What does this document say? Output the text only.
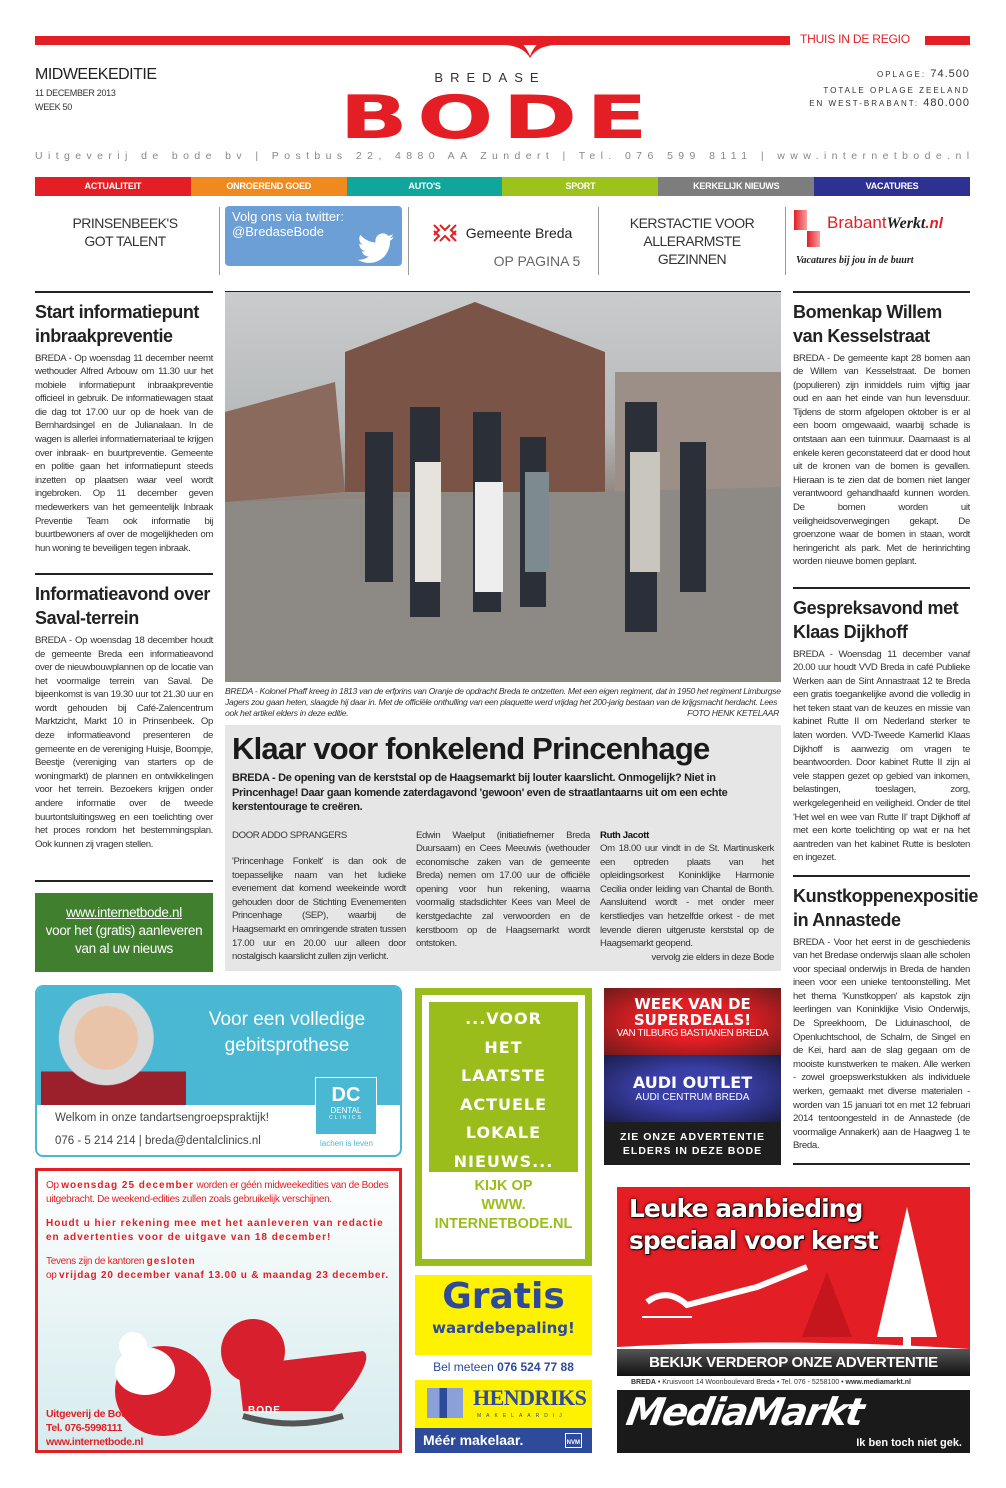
THUIS IN DE REGIO
MIDWEEKEDITIE
11 DECEMBER 2013
WEEK 50
BREDASE
BODE
OPLAGE: 74.500
TOTALE OPLAGE ZEELAND
EN WEST-BRABANT: 480.000
Uitgeverij de bode bv | Postbus 22, 4880 AA Zundert | Tel. 076 599 8111 | www.internetbode.nl
ACTUALITEIT	ONROEREND GOED	AUTO'S	SPORT	KERKELIJK NIEUWS	VACATURES
PRINSENBEEK'S GOT TALENT
Volg ons via twitter:
@BredaseBode	Gemeente Breda
OP PAGINA 5
KERSTACTIE VOOR ALLERARMSTE GEZINNEN
BrabantWerkt.nl
Vacatures bij jou in de buurt
Start informatiepunt inbraakpreventie
BREDA - Op woensdag 11 december neemt wethouder Alfred Arbouw om 11.30 uur het mobiele informatiepunt inbraakpreventie officieel in gebruik. De informatiewagen staat die dag tot 17.00 uur op de hoek van de Bernhardsingel en de Julianalaan. In de wagen is allerlei informatiemateriaal te krijgen over inbraak- en buurtpreventie. Gemeente en politie gaan het informatiepunt steeds inzetten op plaatsen waar veel wordt ingebroken. Op 11 december geven medewerkers van het gemeentelijk Inbraak Preventie Team ook informatie bij buurtbewoners af over de mogelijkheden om hun woning te beveiligen tegen inbraak.
Informatieavond over Saval-terrein
BREDA - Op woensdag 18 december houdt de gemeente Breda een informatieavond over de nieuwbouwplannen op de locatie van het voormalige terrein van Saval. De bijeenkomst is van 19.30 uur tot 21.30 uur en wordt gehouden bij Café-Zalencentrum Marktzicht, Markt 10 in Prinsenbeek. Op deze informatieavond presenteren de gemeente en de vereniging Huisje, Boompje, Beestje (vereniging van starters op de woningmarkt) de plannen en ontwikkelingen voor het terrein. Bezoekers krijgen onder andere informatie over de tweede buurtontsluitingsweg en een toelichting over het proces rondom het bestemmingsplan. Ook kunnen zij vragen stellen.
www.internetbode.nl
voor het (gratis) aanleveren
van al uw nieuws
BREDA - Kolonel Phaff kreeg in 1813 van de erfprins van Oranje de opdracht Breda te ontzetten. Met een eigen regiment, dat in 1950 het regiment Limburgse Jagers zou gaan heten, slaagde hij daar in. Met de officiële onthulling van een plaquette werd vrijdag het 200-jarig bestaan van de krijgsmacht herdacht. Lees ook het artikel elders in deze editie.	FOTO HENK KETELAAR
Klaar voor fonkelend Princenhage
BREDA - De opening van de kerststal op de Haagsemarkt bij louter kaarslicht. Onmogelijk? Niet in Princenhage! Daar gaan komende zaterdagavond 'gewoon' even de straatlantaarns uit om een echte kerstentourage te creëren.
DOOR ADDO SPRANGERS
'Princenhage Fonkelt' is dan ook de toepasselijke naam van het ludieke evenement dat komend weekeinde wordt gehouden door de Stichting Evenementen Princenhage (SEP), waarbij de Haagsemarkt en omringende straten tussen 17.00 uur en 20.00 uur alleen door nostalgisch kaarslicht zullen zijn verlicht.
Edwin Waelput (initiatiefnemer Breda Duursaam) en Cees Meeuwis (wethouder economische zaken van de gemeente Breda) nemen om 17.00 uur de officiële opening voor hun rekening, waarna voormalig stadsdichter Kees van Meel de kerstgedachte zal verwoorden en de kerstboom op de Haagsemarkt wordt ontstoken.
Ruth Jacott
Om 18.00 uur vindt in de St. Martinuskerk een optreden plaats van het opleidingsorkest Koninklijke Harmonie Cecilia onder leiding van Chantal de Bonth. Aansluitend wordt - met onder meer kerstliedjes van hetzelfde orkest - de met levende dieren uitgeruste kerststal op de Haagsemarkt geopend.
vervolg zie elders in deze Bode
Bomenkap Willem van Kesselstraat
BREDA - De gemeente kapt 28 bomen aan de Willem van Kesselstraat. De bomen (populieren) zijn inmiddels ruim vijftig jaar oud en aan het einde van hun levensduur. Tijdens de storm afgelopen oktober is er al een boom omgewaaid, waarbij schade is ontstaan aan een tuinmuur. Daarnaast is al enkele keren geconstateerd dat er dood hout uit de kronen van de bomen is gevallen. Hieraan is te zien dat de bomen niet langer verantwoord gehandhaafd kunnen worden. De bomen worden uit veiligheidsoverwegingen gekapt. De groenzone waar de bomen in staan, wordt heringericht als park. Met de herinrichting worden nieuwe bomen geplant.
Gespreksavond met Klaas Dijkhoff
BREDA - Woensdag 11 december vanaf 20.00 uur houdt VVD Breda in café Publieke Werken aan de Sint Annastraat 12 te Breda een gratis toegankelijke avond die volledig in het teken staat van de keuzes en missie van kabinet Rutte II om Nederland sterker te laten worden. VVD-Tweede Kamerlid Klaas Dijkhoff is aanwezig om vragen te beantwoorden. Door kabinet Rutte II zijn al vele stappen gezet op gebied van inkomen, belastingen, toeslagen, zorg, werkgelegenheid en veiligheid. Onder de titel 'Het wel en wee van Rutte II' trapt Dijkhoff af met een korte toelichting op wat er na het aantreden van het kabinet Rutte is besloten en ingezet.
Kunstkoppenexpositie in Annastede
BREDA - Voor het eerst in de geschiedenis van het Bredase onderwijs slaan alle scholen voor speciaal onderwijs in Breda de handen ineen voor een unieke tentoonstelling. Met het thema 'Kunstkoppen' als kapstok zijn leerlingen van Koninklijke Visio Onderwijs, De Spreekhoorn, De Liduinaschool, de Openluchtschool, de Schalm, de Singel en de Kei, hard aan de slag gegaan om de mooiste kunstwerken te maken. Alle werken - zowel groepswerkstukken als individuele werken, gemaakt met diverse materialen - worden van 15 januari tot en met 12 februari 2014 tentoongesteld in de Annastede (de voormalige Annakerk) aan de Haagweg 1 te Breda.
Voor een volledige
gebitsprothese
DC
DENTAL
CLINICS
lachen is leven
Welkom in onze tandartsengroepspraktijk!
076 - 5 214 214 | breda@dentalclinics.nl
Op woensdag 25 december worden er géén midweekedities van de Bodes uitgebracht. De weekend-edities zullen zoals gebruikelijk verschijnen.
Houdt u hier rekening mee met het aanleveren van redactie en advertenties voor de uitgave van 18 december!
Tevens zijn de kantoren gesloten
op vrijdag 20 december vanaf 13.00 u & maandag 23 december.
BODE
Uitgeverij de Bode
Tel. 076-5998111
www.internetbode.nl
...VOOR
HET
LAATSTE
ACTUELE
LOKALE
NIEUWS...
KIJK OP
WWW.
INTERNETBODE.NL
WEEK VAN DE
SUPERDEALS!
VAN TILBURG BASTIANEN BREDA
AUDI OUTLET
AUDI CENTRUM BREDA
ZIE ONZE ADVERTENTIE
ELDERS IN DEZE BODE
Gratis
waardebepaling!
Bel meteen 076 524 77 88
HENDRIKS
MAKELAARDIJ
Méér makelaar.	NVM
Leuke aanbieding
speciaal voor kerst
BEKIJK VERDEROP ONZE ADVERTENTIE
BREDA • Kruisvoort 14 Woonboulevard Breda • Tel. 076 - 5258100 • www.mediamarkt.nl
MediaMarkt
Ik ben toch niet gek.
